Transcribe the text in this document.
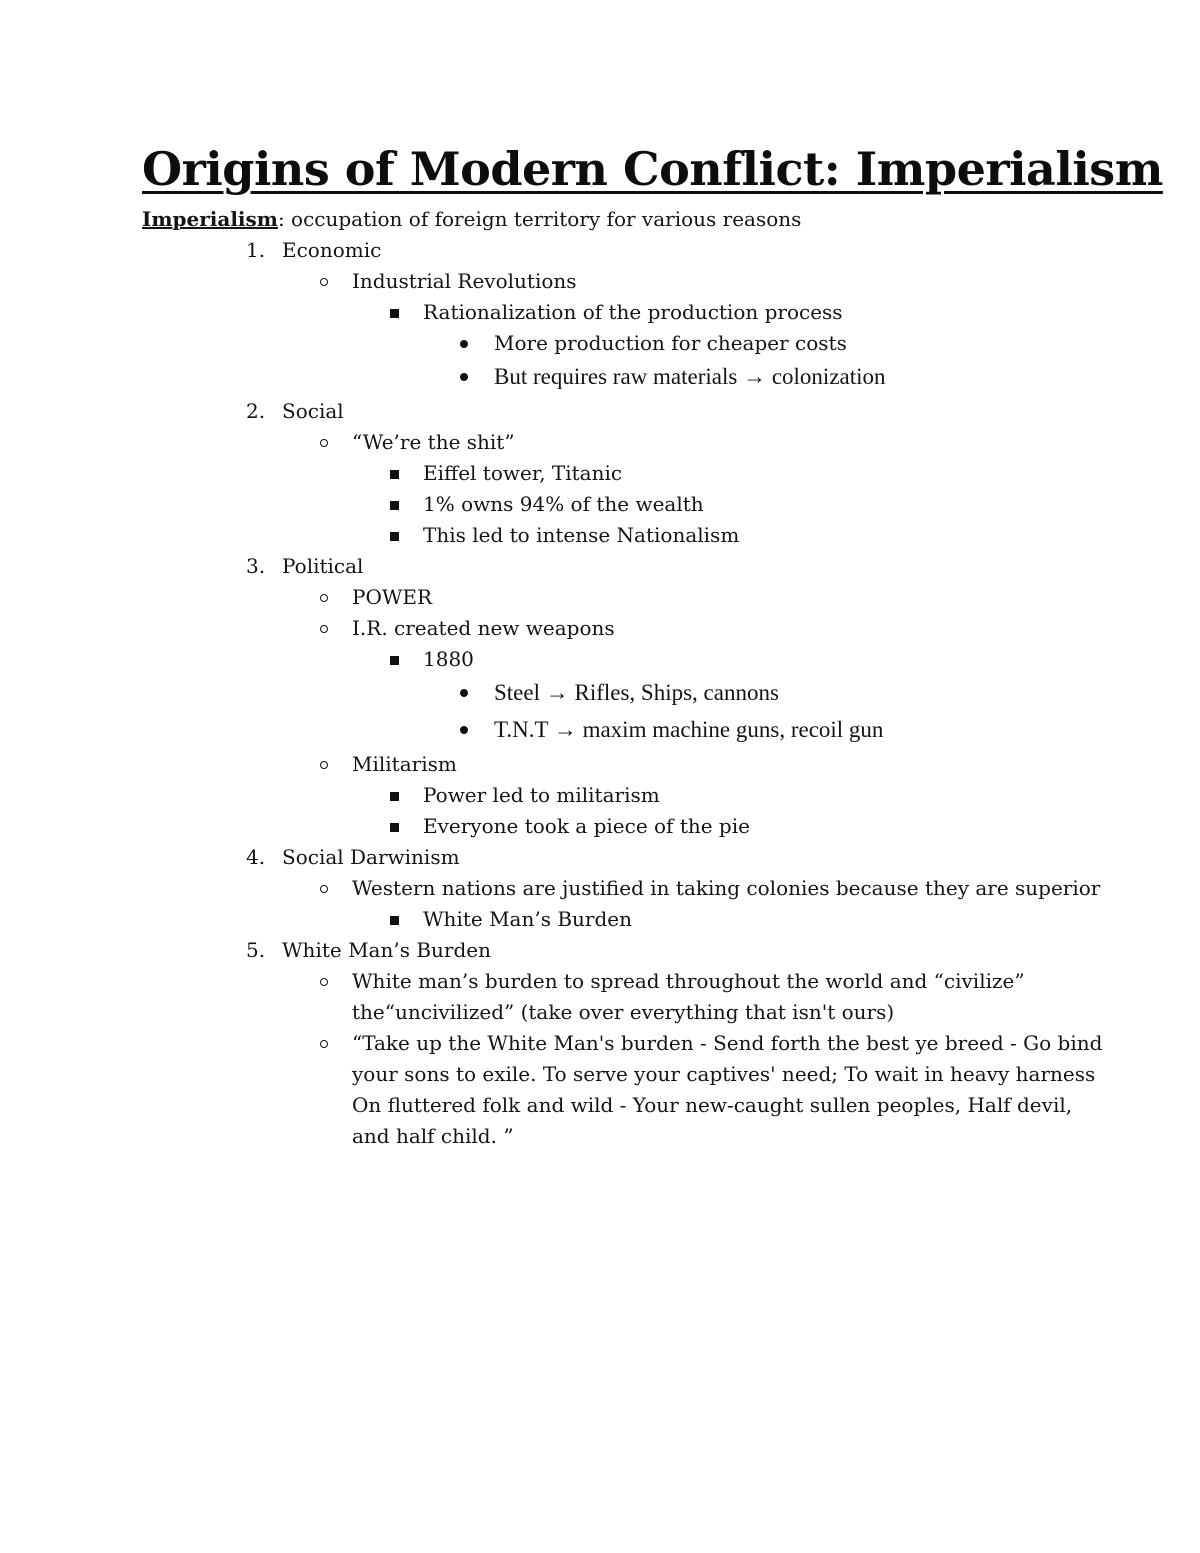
Origins of Modern Conflict: Imperialism
Imperialism: occupation of foreign territory for various reasons
1. Economic
Industrial Revolutions
Rationalization of the production process
More production for cheaper costs
But requires raw materials → colonization
2. Social
“We’re the shit”
Eiffel tower, Titanic
1% owns 94% of the wealth
This led to intense Nationalism
3. Political
POWER
I.R. created new weapons
1880
Steel → Rifles, Ships, cannons
T.N.T → maxim machine guns, recoil gun
Militarism
Power led to militarism
Everyone took a piece of the pie
4. Social Darwinism
Western nations are justified in taking colonies because they are superior
White Man’s Burden
5. White Man’s Burden
White man’s burden to spread throughout the world and “civilize”
the“uncivilized” (take over everything that isn't ours)
“Take up the White Man's burden - Send forth the best ye breed - Go bind
your sons to exile. To serve your captives' need; To wait in heavy harness
On fluttered folk and wild - Your new-caught sullen peoples, Half devil,
and half child. ”
